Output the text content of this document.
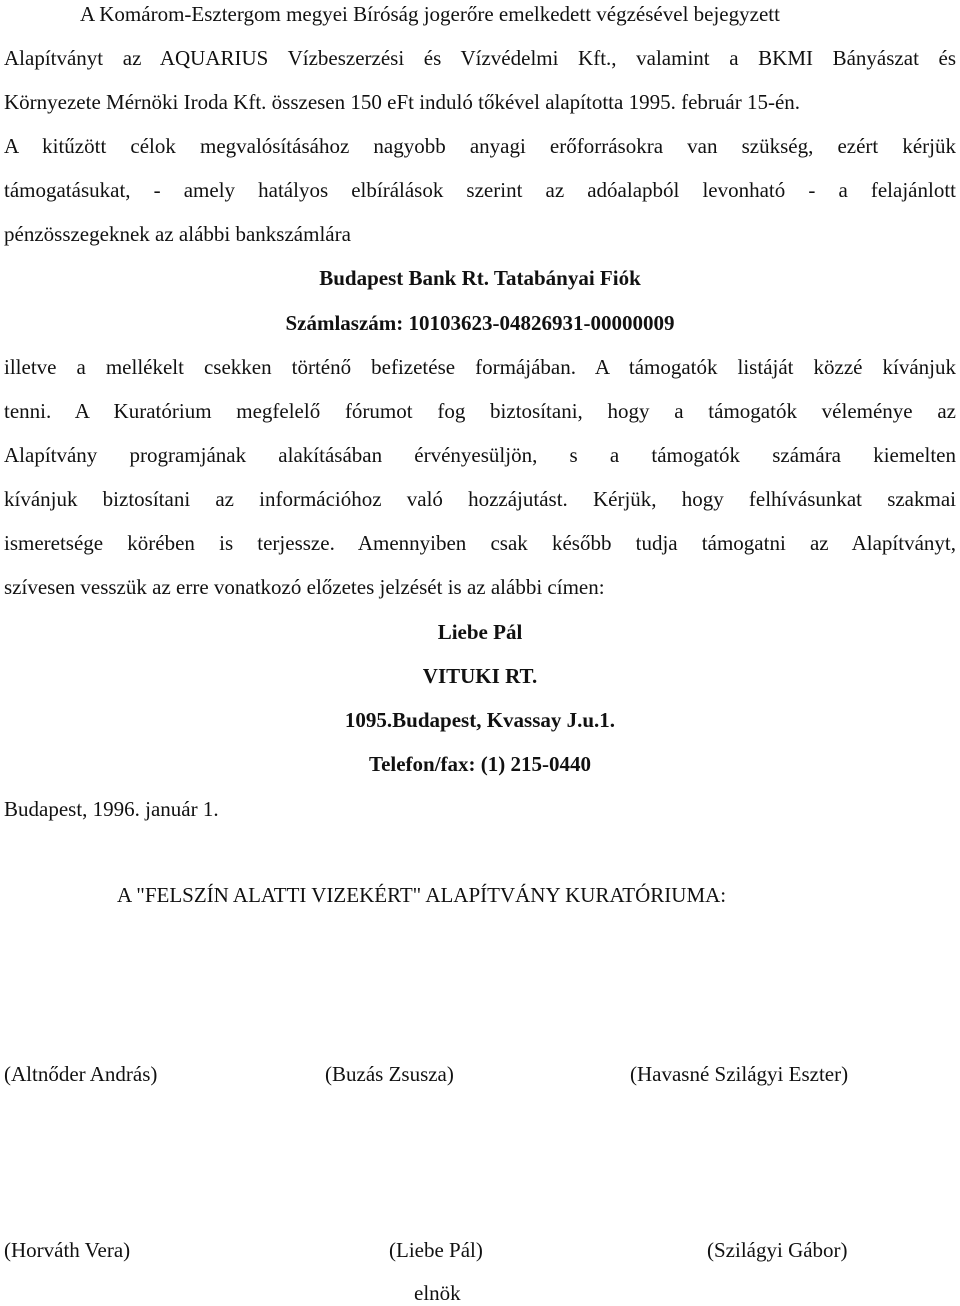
A Komárom-Esztergom megyei Bíróság jogerőre emelkedett végzésével bejegyzett
Alapítványt az AQUARIUS Vízbeszerzési és Vízvédelmi Kft., valamint a BKMI Bányászat és
Környezete Mérnöki Iroda Kft. összesen 150 eFt induló tőkével alapította 1995. február 15-én.
A kitűzött célok megvalósításához nagyobb anyagi erőforrásokra van szükség, ezért kérjük
támogatásukat, - amely hatályos elbírálások szerint az adóalapból levonható - a felajánlott
pénzösszegeknek az alábbi bankszámlára
Budapest Bank Rt. Tatabányai Fiók
Számlaszám: 10103623-04826931-00000009
illetve a mellékelt csekken történő befizetése formájában. A támogatók listáját közzé kívánjuk
tenni. A Kuratórium megfelelő fórumot fog biztosítani, hogy a támogatók véleménye az
Alapítvány programjának alakításában érvényesüljön, s a támogatók számára kiemelten
kívánjuk biztosítani az információhoz való hozzájutást. Kérjük, hogy felhívásunkat szakmai
ismeretsége körében is terjessze. Amennyiben csak később tudja támogatni az Alapítványt,
szívesen vesszük az erre vonatkozó előzetes jelzését is az alábbi címen:
Liebe Pál
VITUKI RT.
1095.Budapest, Kvassay J.u.1.
Telefon/fax: (1) 215-0440
Budapest, 1996. január 1.
A "FELSZÍN ALATTI VIZEKÉRT" ALAPÍTVÁNY KURATÓRIUMA:
(Altnőder András)	(Buzás Zsusza)	(Havasné Szilágyi Eszter)
(Horváth Vera)	(Liebe Pál)	(Szilágyi Gábor)
elnök
